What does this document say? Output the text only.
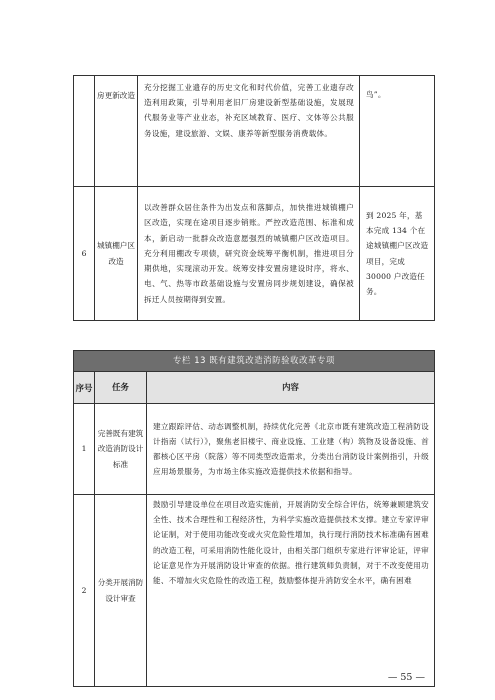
	房更新改造	充分挖掘工业遗存的历史文化和时代价值，完善工业遗存改造利用政策，引导利用老旧厂房建设新型基础设施，发展现代服务业等产业业态，补充区域教育、医疗、文体等公共服务设施，建设旅游、文娱、康养等新型服务消费载体。	鸟”。
6	城镇棚户区改造	以改善群众居住条件为出发点和落脚点，加快推进城镇棚户区改造，实现在途项目逐步销账。严控改造范围、标准和成本，新启动一批群众改造意愿强烈的城镇棚户区改造项目。充分利用棚改专项债，研究资金统筹平衡机制，推进项目分期供地，实现滚动开发。统筹安排安置房建设时序，将水、电、气、热等市政基础设施与安置房同步规划建设，确保被拆迁人员按期得到安置。	到 2025 年，基本完成 134 个在途城镇棚户区改造项目，完成 30000 户改造任务。
专栏 13 既有建筑改造消防验收改革专项		
序号	任务	内容
1	完善既有建筑改造消防设计标准	建立跟踪评估、动态调整机制，持续优化完善《北京市既有建筑改造工程消防设计指南（试行）》，聚焦老旧楼宇、商业设施、工业建（构）筑物及设备设施、首都核心区平房（院落）等不同类型改造需求，分类出台消防设计案例指引，升级应用场景服务，为市场主体实施改造提供技术依据和指导。
2	分类开展消防设计审查	鼓励引导建设单位在项目改造实施前，开展消防安全综合评估，统筹兼顾建筑安全性、技术合理性和工程经济性，为科学实施改造提供技术支撑。建立专家评审论证制，对于使用功能改变或火灾危险性增加，执行现行消防技术标准确有困难的改造工程，可采用消防性能化设计，由相关部门组织专家进行评审论证，评审论证意见作为开展消防设计审查的依据。推行建筑师负责制，对于不改变使用功能、不增加火灾危险性的改造工程，鼓励整体提升消防安全水平，确有困难
— 55 —
